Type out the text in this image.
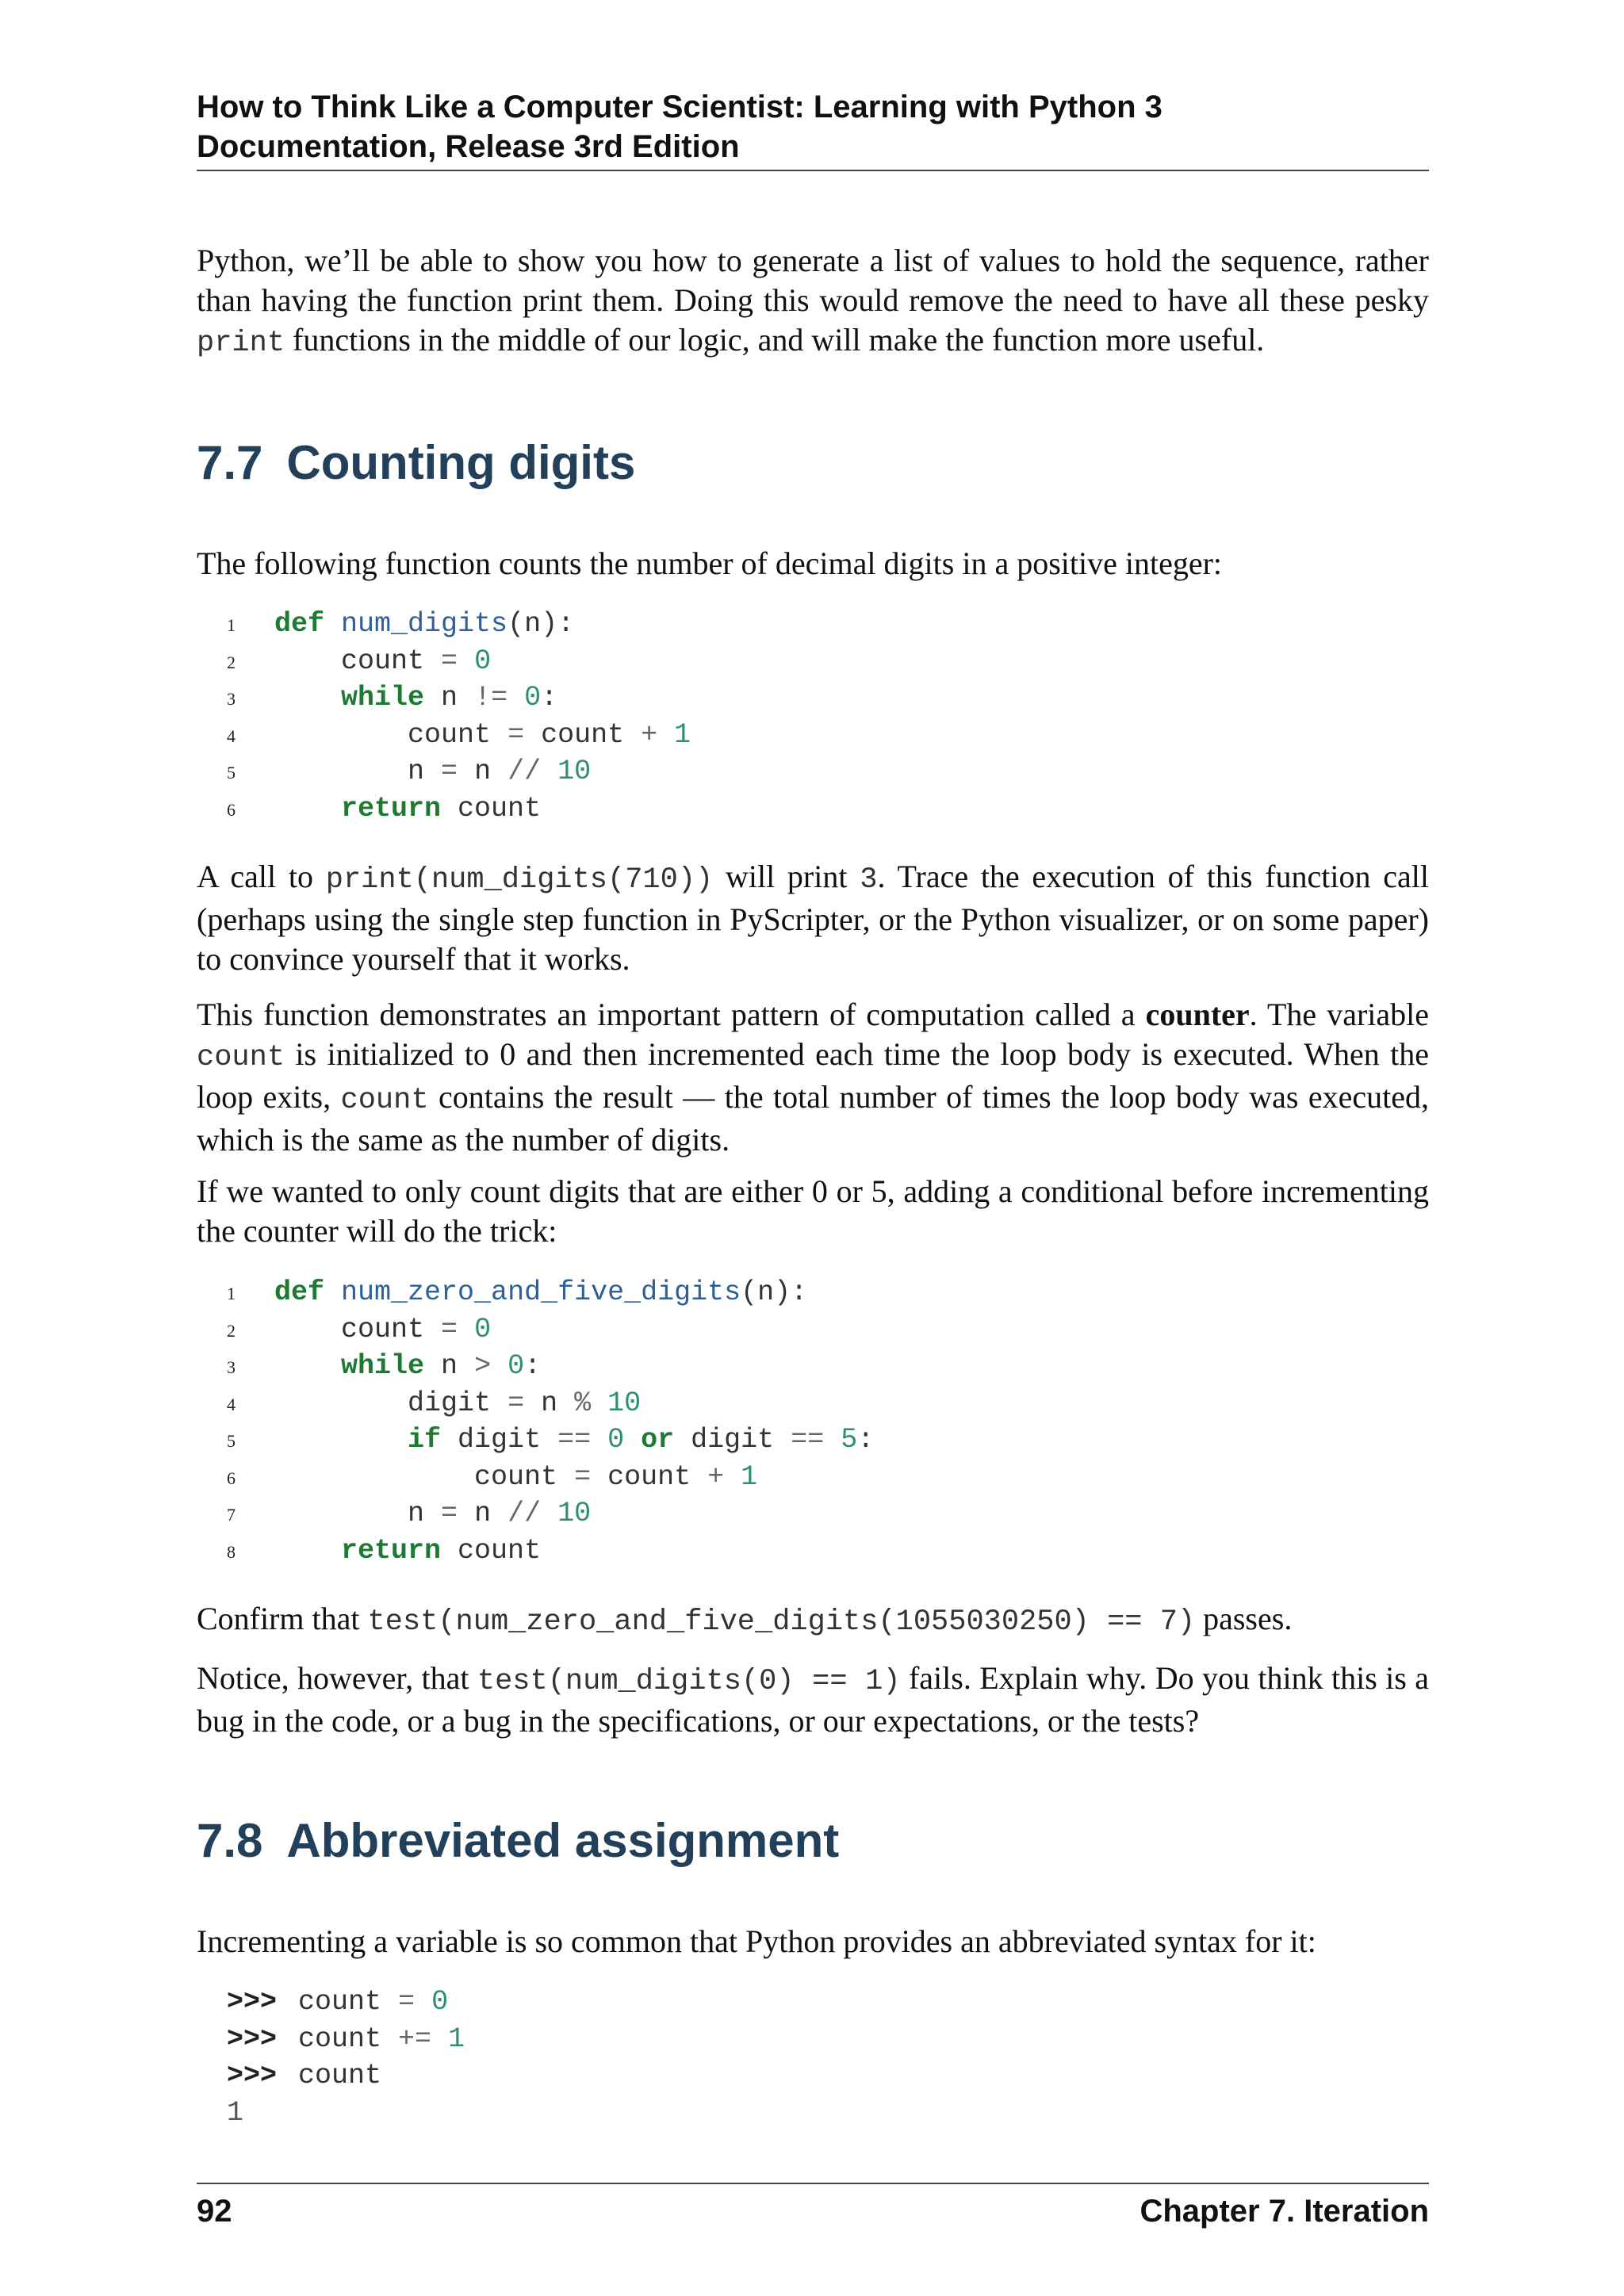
How to Think Like a Computer Scientist: Learning with Python 3
Documentation, Release 3rd Edition

Python, we’ll be able to show you how to generate a list of values to hold the sequence, rather than having the function print them. Doing this would remove the need to have all these pesky print functions in the middle of our logic, and will make the function more useful.

7.7 Counting digits

The following function counts the number of decimal digits in a positive integer:

1	def num_digits(n):
2	count = 0
3	while n != 0:
4	count = count + 1
5	n = n // 10
6	return count

A call to print(num_digits(710)) will print 3. Trace the execution of this function call (perhaps using the single step function in PyScripter, or the Python visualizer, or on some paper) to convince yourself that it works.

This function demonstrates an important pattern of computation called a counter. The variable count is initialized to 0 and then incremented each time the loop body is executed. When the loop exits, count contains the result — the total number of times the loop body was executed, which is the same as the number of digits.

If we wanted to only count digits that are either 0 or 5, adding a conditional before incrementing the counter will do the trick:

1	def num_zero_and_five_digits(n):
2	count = 0
3	while n > 0:
4	digit = n % 10
5	if digit == 0 or digit == 5:
6	count = count + 1
7	n = n // 10
8	return count

Confirm that test(num_zero_and_five_digits(1055030250) == 7) passes.

Notice, however, that test(num_digits(0) == 1) fails. Explain why. Do you think this is a bug in the code, or a bug in the specifications, or our expectations, or the tests?

7.8 Abbreviated assignment

Incrementing a variable is so common that Python provides an abbreviated syntax for it:

>>> count = 0
>>> count += 1
>>> count
1
92	Chapter 7. Iteration
